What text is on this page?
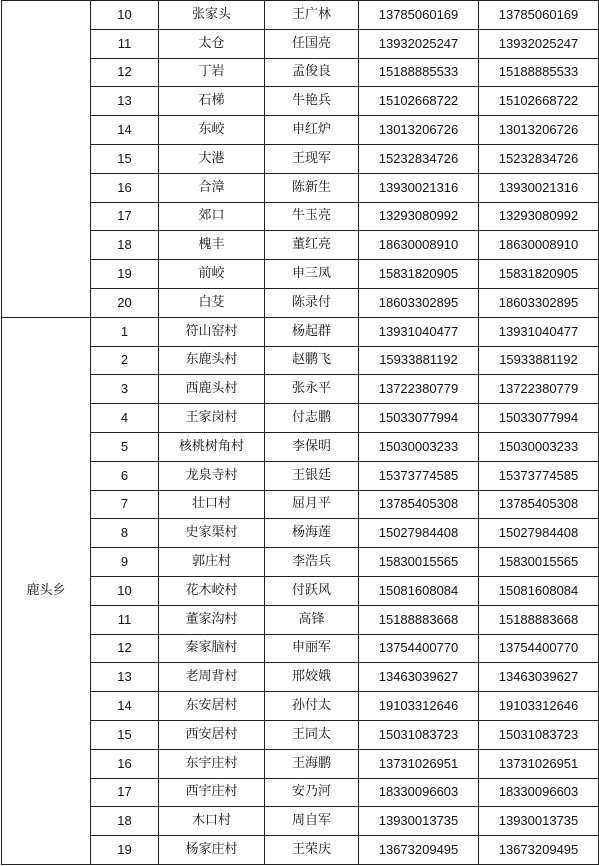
	10	张家头	王广林	13785060169	13785060169
	11	太仓	任国亮	13932025247	13932025247
	12	丁岩	孟俊良	15188885533	15188885533
	13	石梯	牛艳兵	15102668722	15102668722
	14	东峧	申红炉	13013206726	13013206726
	15	大港	王现军	15232834726	15232834726
	16	合漳	陈新生	13930021316	13930021316
	17	郊口	牛玉亮	13293080992	13293080992
	18	槐丰	董红亮	18630008910	18630008910
	19	前峧	申三凤	15831820905	15831820905
	20	白芟	陈录付	18603302895	18603302895
鹿头乡	1	符山窑村	杨起群	13931040477	13931040477
	2	东鹿头村	赵鹏飞	15933881192	15933881192
	3	西鹿头村	张永平	13722380779	13722380779
	4	王家岗村	付志鹏	15033077994	15033077994
	5	核桃树角村	李保明	15030003233	15030003233
	6	龙泉寺村	王银廷	15373774585	15373774585
	7	壮口村	屈月平	13785405308	13785405308
	8	史家渠村	杨海莲	15027984408	15027984408
	9	郭庄村	李浩兵	15830015565	15830015565
	10	花木峧村	付跃风	15081608084	15081608084
	11	董家沟村	高锋	15188883668	15188883668
	12	秦家脑村	申丽军	13754400770	13754400770
	13	老周背村	邢姣娥	13463039627	13463039627
	14	东安居村	孙付太	19103312646	19103312646
	15	西安居村	王同太	15031083723	15031083723
	16	东宇庄村	王海鹏	13731026951	13731026951
	17	西宇庄村	安乃河	18330096603	18330096603
	18	木口村	周自军	13930013735	13930013735
	19	杨家庄村	王荣庆	13673209495	13673209495
